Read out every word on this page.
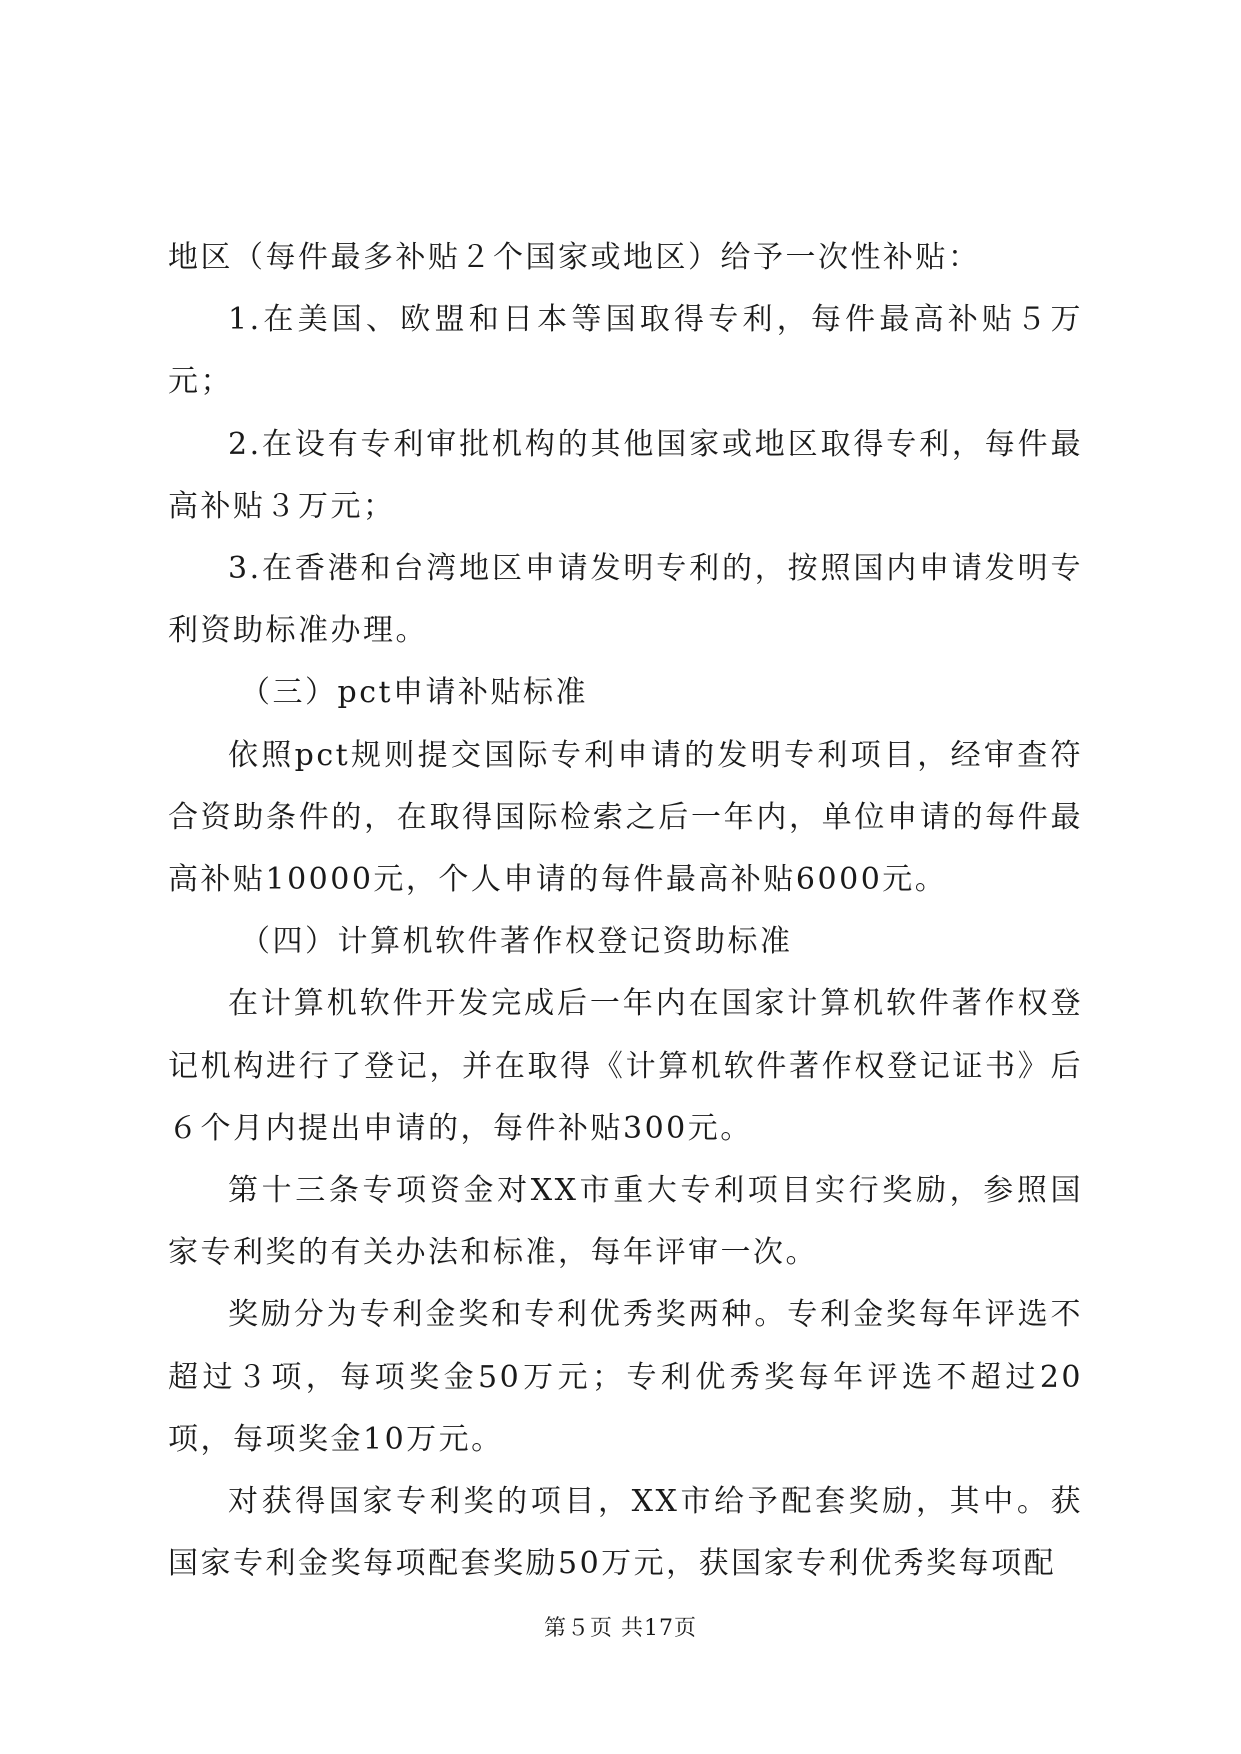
地区（每件最多补贴２个国家或地区）给予一次性补贴：

1.在美国、欧盟和日本等国取得专利，每件最高补贴５万元；

2.在设有专利审批机构的其他国家或地区取得专利，每件最高补贴３万元；

3.在香港和台湾地区申请发明专利的，按照国内申请发明专利资助标准办理。

（三）pct申请补贴标准

依照pct规则提交国际专利申请的发明专利项目，经审查符合资助条件的，在取得国际检索之后一年内，单位申请的每件最高补贴10000元，个人申请的每件最高补贴6000元。

（四）计算机软件著作权登记资助标准

在计算机软件开发完成后一年内在国家计算机软件著作权登记机构进行了登记，并在取得《计算机软件著作权登记证书》后６个月内提出申请的，每件补贴300元。

第十三条专项资金对XX市重大专利项目实行奖励，参照国家专利奖的有关办法和标准，每年评审一次。

奖励分为专利金奖和专利优秀奖两种。专利金奖每年评选不超过３项，每项奖金50万元；专利优秀奖每年评选不超过20项，每项奖金10万元。

对获得国家专利奖的项目，XX市给予配套奖励，其中。获国家专利金奖每项配套奖励50万元，获国家专利优秀奖每项配

第５页 共17页
